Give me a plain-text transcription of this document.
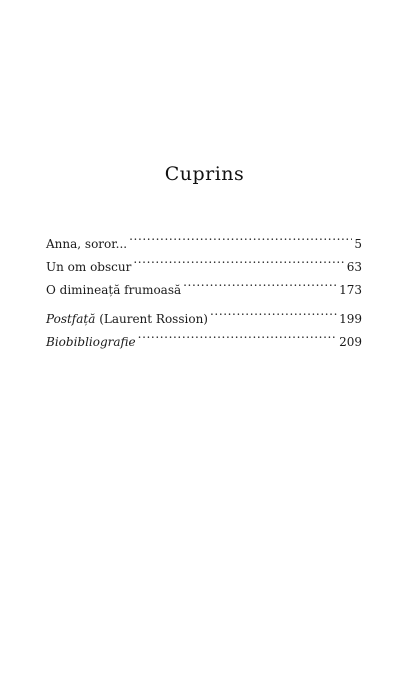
Cuprins
Anna, soror... .....	5
Un om obscur .....	63
O dimineață frumoasă .....	173
Postfață (Laurent Rossion) .....	199
Biobibliografie .....	209
